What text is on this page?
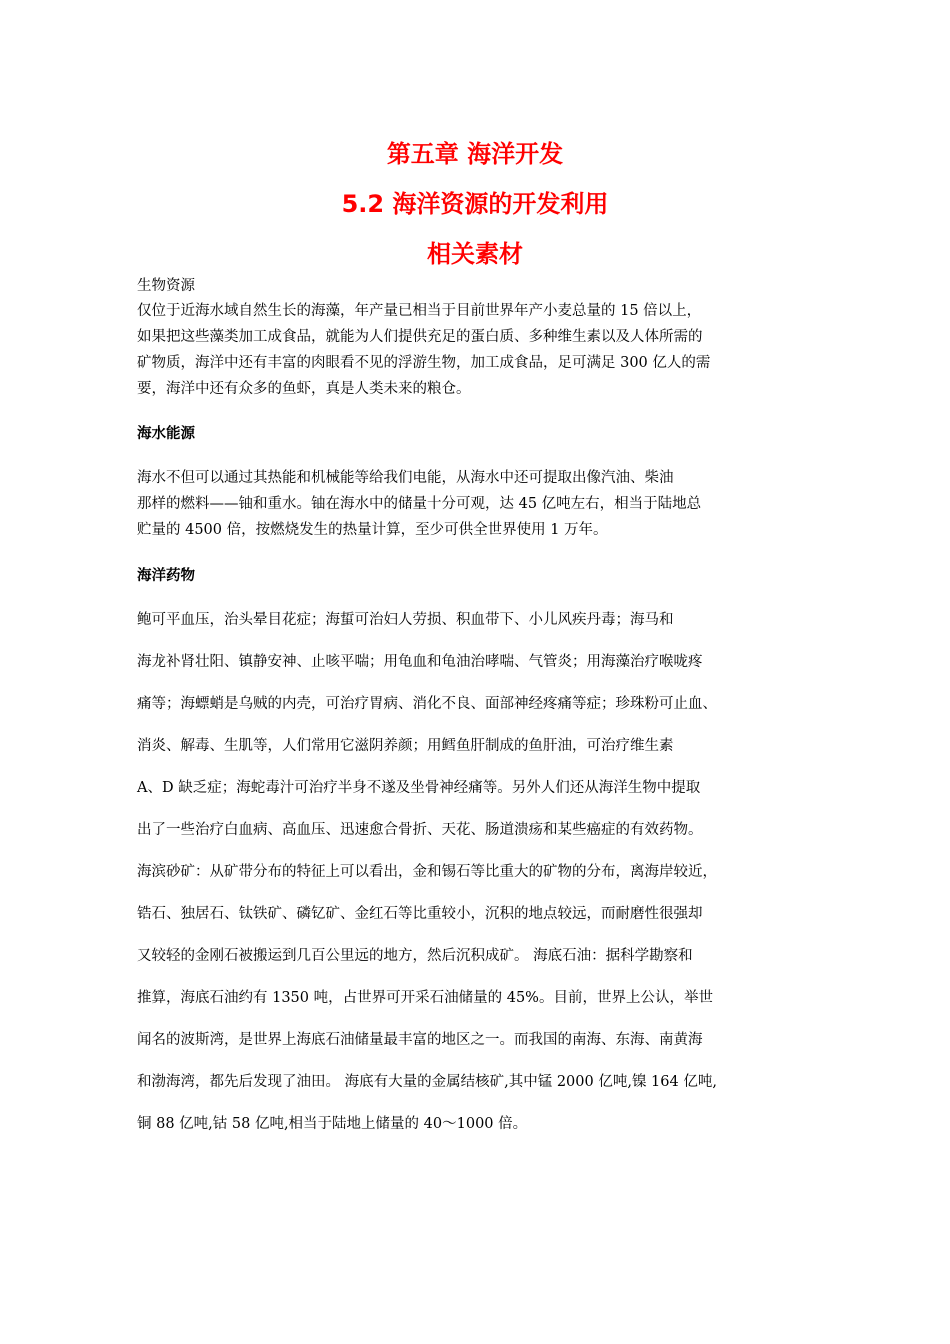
第五章 海洋开发
5.2 海洋资源的开发利用
相关素材
生物资源
仅位于近海水域自然生长的海藻，年产量已相当于目前世界年产小麦总量的 15 倍以上，
如果把这些藻类加工成食品，就能为人们提供充足的蛋白质、多种维生素以及人体所需的
矿物质，海洋中还有丰富的肉眼看不见的浮游生物，加工成食品，足可满足 300 亿人的需
要，海洋中还有众多的鱼虾，真是人类未来的粮仓。
海水能源
海水不但可以通过其热能和机械能等给我们电能，从海水中还可提取出像汽油、柴油
那样的燃料——铀和重水。铀在海水中的储量十分可观，达 45 亿吨左右，相当于陆地总
贮量的 4500 倍，按燃烧发生的热量计算，至少可供全世界使用 1 万年。
海洋药物
鲍可平血压，治头晕目花症；海蜇可治妇人劳损、积血带下、小儿风疾丹毒；海马和
海龙补肾壮阳、镇静安神、止咳平喘；用龟血和龟油治哮喘、气管炎；用海藻治疗喉咙疼
痛等；海螵蛸是乌贼的内壳，可治疗胃病、消化不良、面部神经疼痛等症；珍珠粉可止血、
消炎、解毒、生肌等，人们常用它滋阴养颜；用鳕鱼肝制成的鱼肝油，可治疗维生素
A、D 缺乏症；海蛇毒汁可治疗半身不遂及坐骨神经痛等。另外人们还从海洋生物中提取
出了一些治疗白血病、高血压、迅速愈合骨折、天花、肠道溃疡和某些癌症的有效药物。
海滨砂矿：从矿带分布的特征上可以看出，金和锡石等比重大的矿物的分布，离海岸较近，
锆石、独居石、钛铁矿、磷钇矿、金红石等比重较小，沉积的地点较远，而耐磨性很强却
又较轻的金刚石被搬运到几百公里远的地方，然后沉积成矿。 海底石油：据科学勘察和
推算，海底石油约有 1350 吨，占世界可开采石油储量的 45%。目前，世界上公认，举世
闻名的波斯湾，是世界上海底石油储量最丰富的地区之一。而我国的南海、东海、南黄海
和渤海湾，都先后发现了油田。 海底有大量的金属结核矿,其中锰 2000 亿吨,镍 164 亿吨,
铜 88 亿吨,钴 58 亿吨,相当于陆地上储量的 40～1000 倍。
